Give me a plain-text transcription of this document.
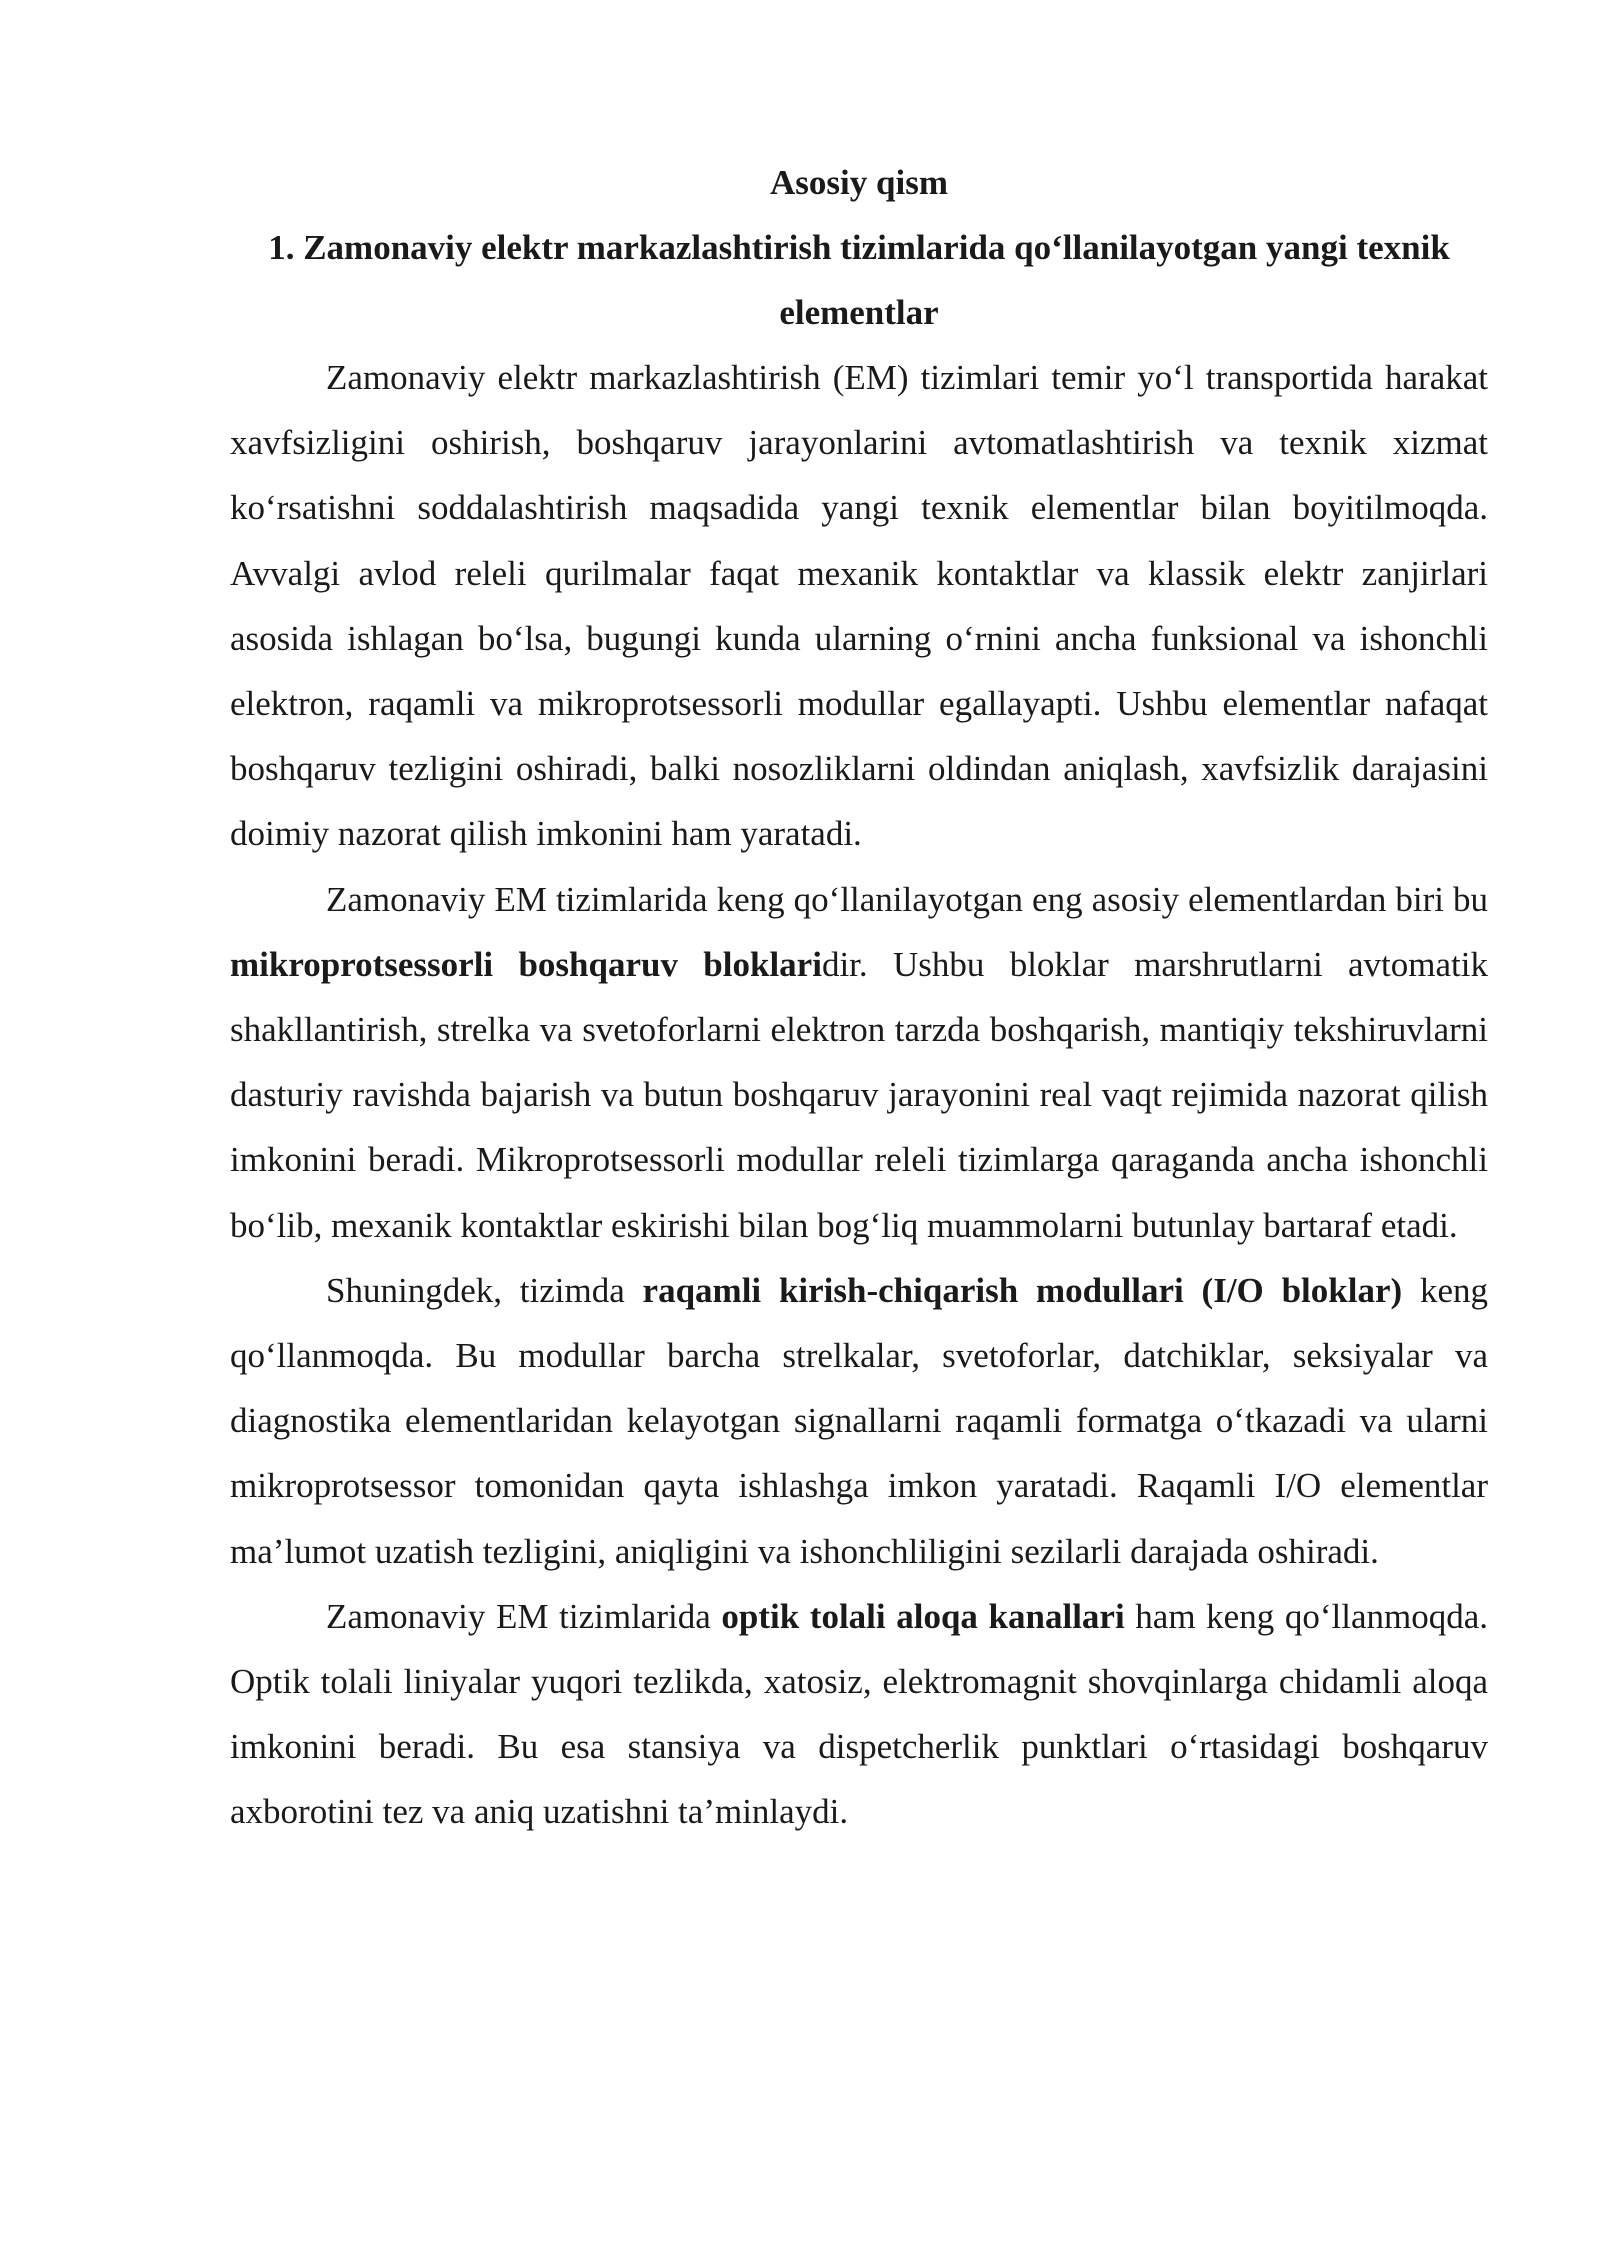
Asosiy qism
1. Zamonaviy elektr markazlashtirish tizimlarida qo‘llanilayotgan yangi texnik elementlar

Zamonaviy elektr markazlashtirish (EM) tizimlari temir yo‘l transportida harakat xavfsizligini oshirish, boshqaruv jarayonlarini avtomatlashtirish va texnik xizmat ko‘rsatishni soddalashtirish maqsadida yangi texnik elementlar bilan boyitilmoqda. Avvalgi avlod releli qurilmalar faqat mexanik kontaktlar va klassik elektr zanjirlari asosida ishlagan bo‘lsa, bugungi kunda ularning o‘rnini ancha funksional va ishonchli elektron, raqamli va mikroprotsessorli modullar egallayapti. Ushbu elementlar nafaqat boshqaruv tezligini oshiradi, balki nosozliklarni oldindan aniqlash, xavfsizlik darajasini doimiy nazorat qilish imkonini ham yaratadi.

Zamonaviy EM tizimlarida keng qo‘llanilayotgan eng asosiy elementlardan biri bu mikroprotsessorli boshqaruv bloklaridir. Ushbu bloklar marshrutlarni avtomatik shakllantirish, strelka va svetoforlarni elektron tarzda boshqarish, mantiqiy tekshiruvlarni dasturiy ravishda bajarish va butun boshqaruv jarayonini real vaqt rejimida nazorat qilish imkonini beradi. Mikroprotsessorli modullar releli tizimlarga qaraganda ancha ishonchli bo‘lib, mexanik kontaktlar eskirishi bilan bog‘liq muammolarni butunlay bartaraf etadi.

Shuningdek, tizimda raqamli kirish-chiqarish modullari (I/O bloklar) keng qo‘llanmoqda. Bu modullar barcha strelkalar, svetoforlar, datchiklar, seksiyalar va diagnostika elementlaridan kelayotgan signallarni raqamli formatga o‘tkazadi va ularni mikroprotsessor tomonidan qayta ishlashga imkon yaratadi. Raqamli I/O elementlar ma’lumot uzatish tezligini, aniqligini va ishonchliligini sezilarli darajada oshiradi.

Zamonaviy EM tizimlarida optik tolali aloqa kanallari ham keng qo‘llanmoqda. Optik tolali liniyalar yuqori tezlikda, xatosiz, elektromagnit shovqinlarga chidamli aloqa imkonini beradi. Bu esa stansiya va dispetcherlik punktlari o‘rtasidagi boshqaruv axborotini tez va aniq uzatishni ta’minlaydi.
